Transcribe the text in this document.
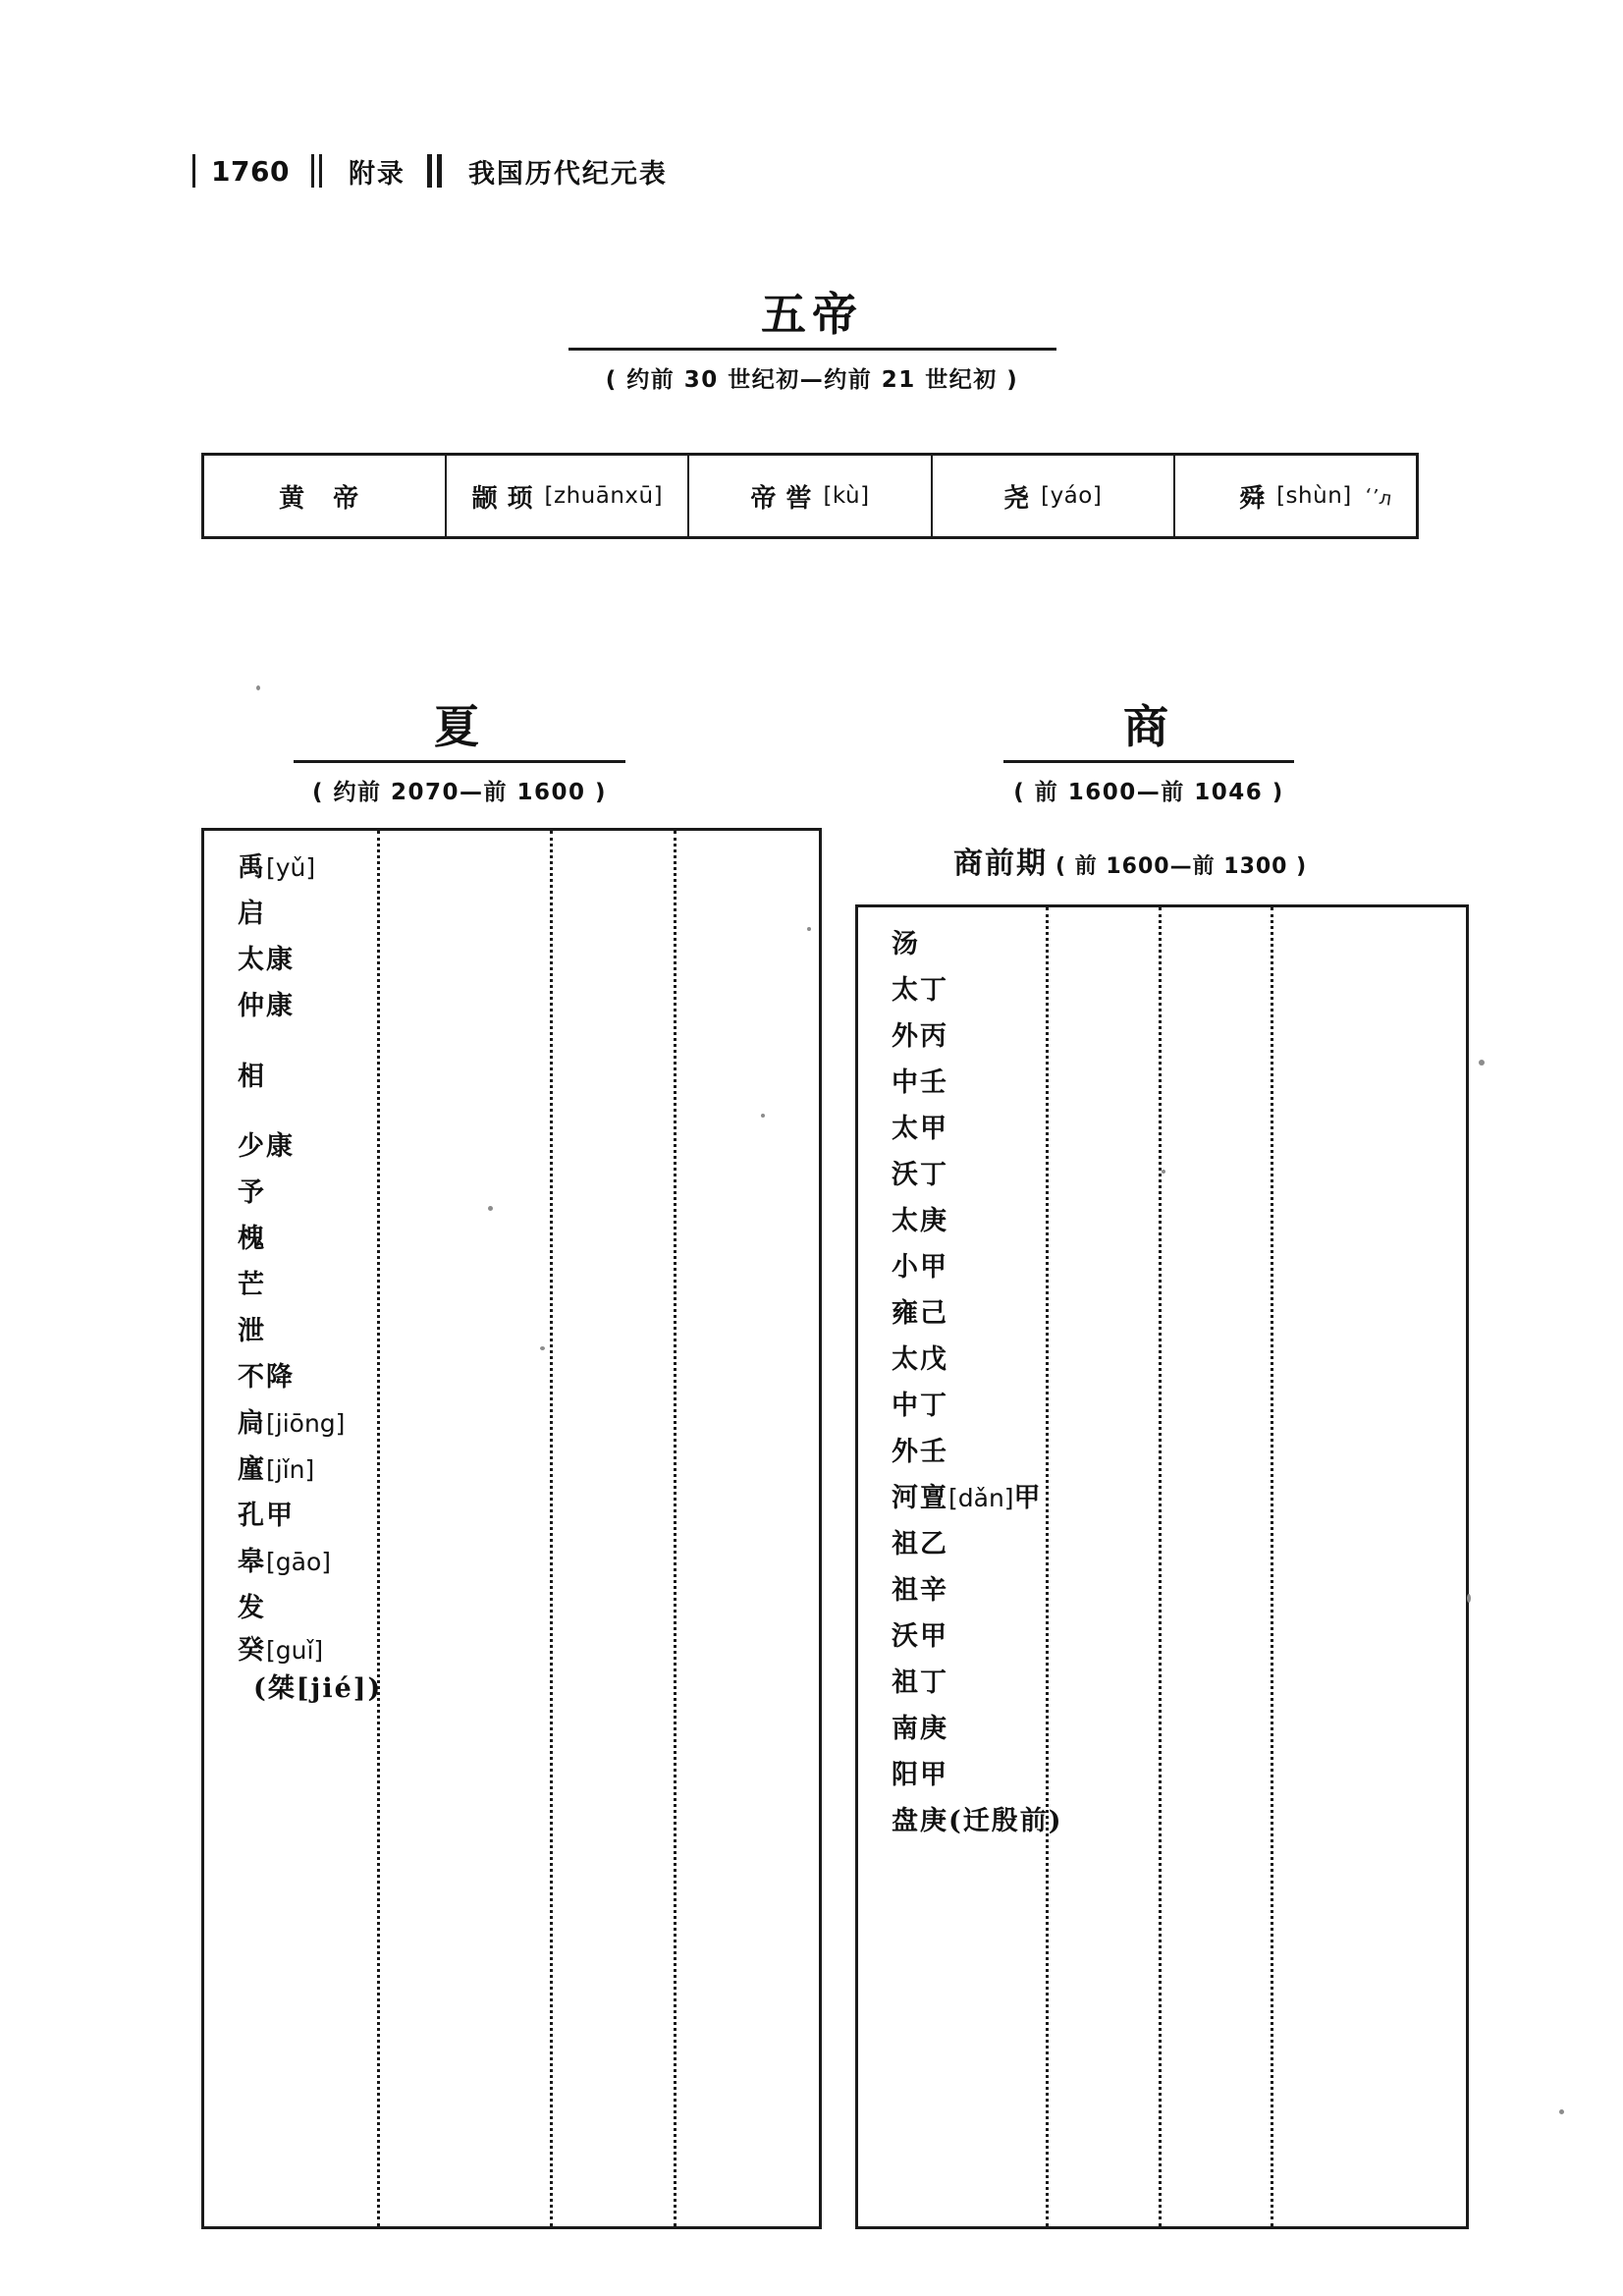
1760 附录 我国历代纪元表
五帝
( 约前 30 世纪初—约前 21 世纪初 )
黄 帝	颛顼 [zhuānxū]	帝喾 [kù]	尧 [yáo]	舜 [shùn] ‘’л
夏
( 约前 2070—前 1600 )
禹 [yǔ]
启
太康
仲康
相
少康
予
槐
芒
泄
不降
扃 [jiōng]
廑 [jǐn]
孔甲
皋 [gāo]
发
癸[guǐ]
(桀[jié])
商
( 前 1600—前 1046 )
商前期 ( 前 1600—前 1300 )
汤
太丁
外丙
中壬
太甲
沃丁
太庚
小甲
雍己
太戊
中丁
外壬
河亶 [dǎn] 甲
祖乙
祖辛
沃甲
祖丁
南庚
阳甲
盘庚(迁殷前)
